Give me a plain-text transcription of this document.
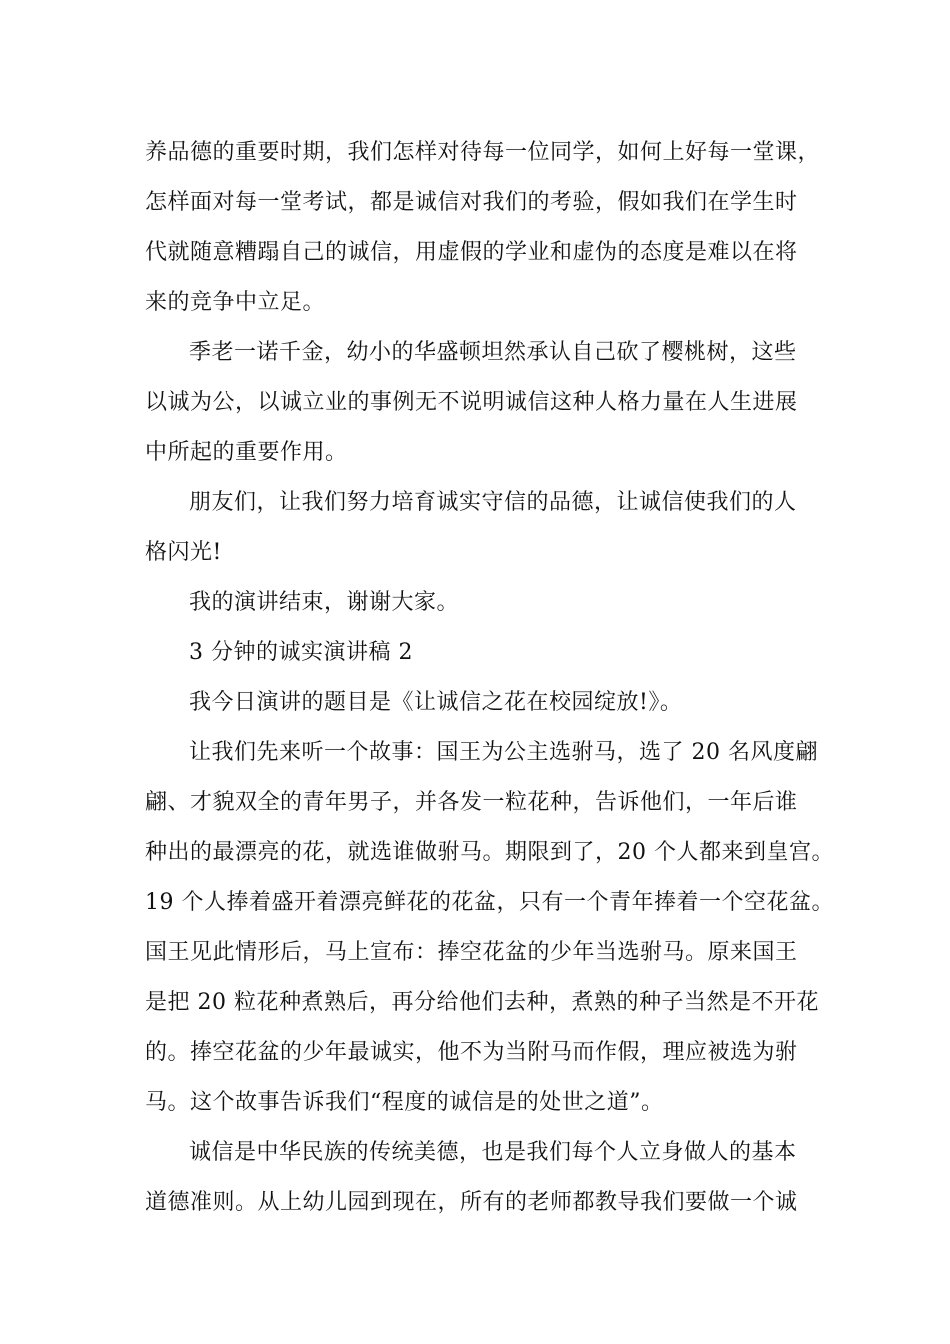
养品德的重要时期，我们怎样对待每一位同学，如何上好每一堂课，
怎样面对每一堂考试，都是诚信对我们的考验，假如我们在学生时
代就随意糟蹋自己的诚信，用虚假的学业和虚伪的态度是难以在将
来的竞争中立足。
季老一诺千金，幼小的华盛顿坦然承认自己砍了樱桃树，这些
以诚为公，以诚立业的事例无不说明诚信这种人格力量在人生进展
中所起的重要作用。
朋友们，让我们努力培育诚实守信的品德，让诚信使我们的人
格闪光!
我的演讲结束，谢谢大家。
3 分钟的诚实演讲稿 2
我今日演讲的题目是《让诚信之花在校园绽放!》。
让我们先来听一个故事：国王为公主选驸马，选了 20 名风度翩
翩、才貌双全的青年男子，并各发一粒花种，告诉他们，一年后谁
种出的最漂亮的花，就选谁做驸马。期限到了，20 个人都来到皇宫。
19 个人捧着盛开着漂亮鲜花的花盆，只有一个青年捧着一个空花盆。
国王见此情形后，马上宣布：捧空花盆的少年当选驸马。原来国王
是把 20 粒花种煮熟后，再分给他们去种，煮熟的种子当然是不开花
的。捧空花盆的少年最诚实，他不为当附马而作假，理应被选为驸
马。这个故事告诉我们“程度的诚信是的处世之道”。
诚信是中华民族的传统美德，也是我们每个人立身做人的基本
道德准则。从上幼儿园到现在，所有的老师都教导我们要做一个诚
